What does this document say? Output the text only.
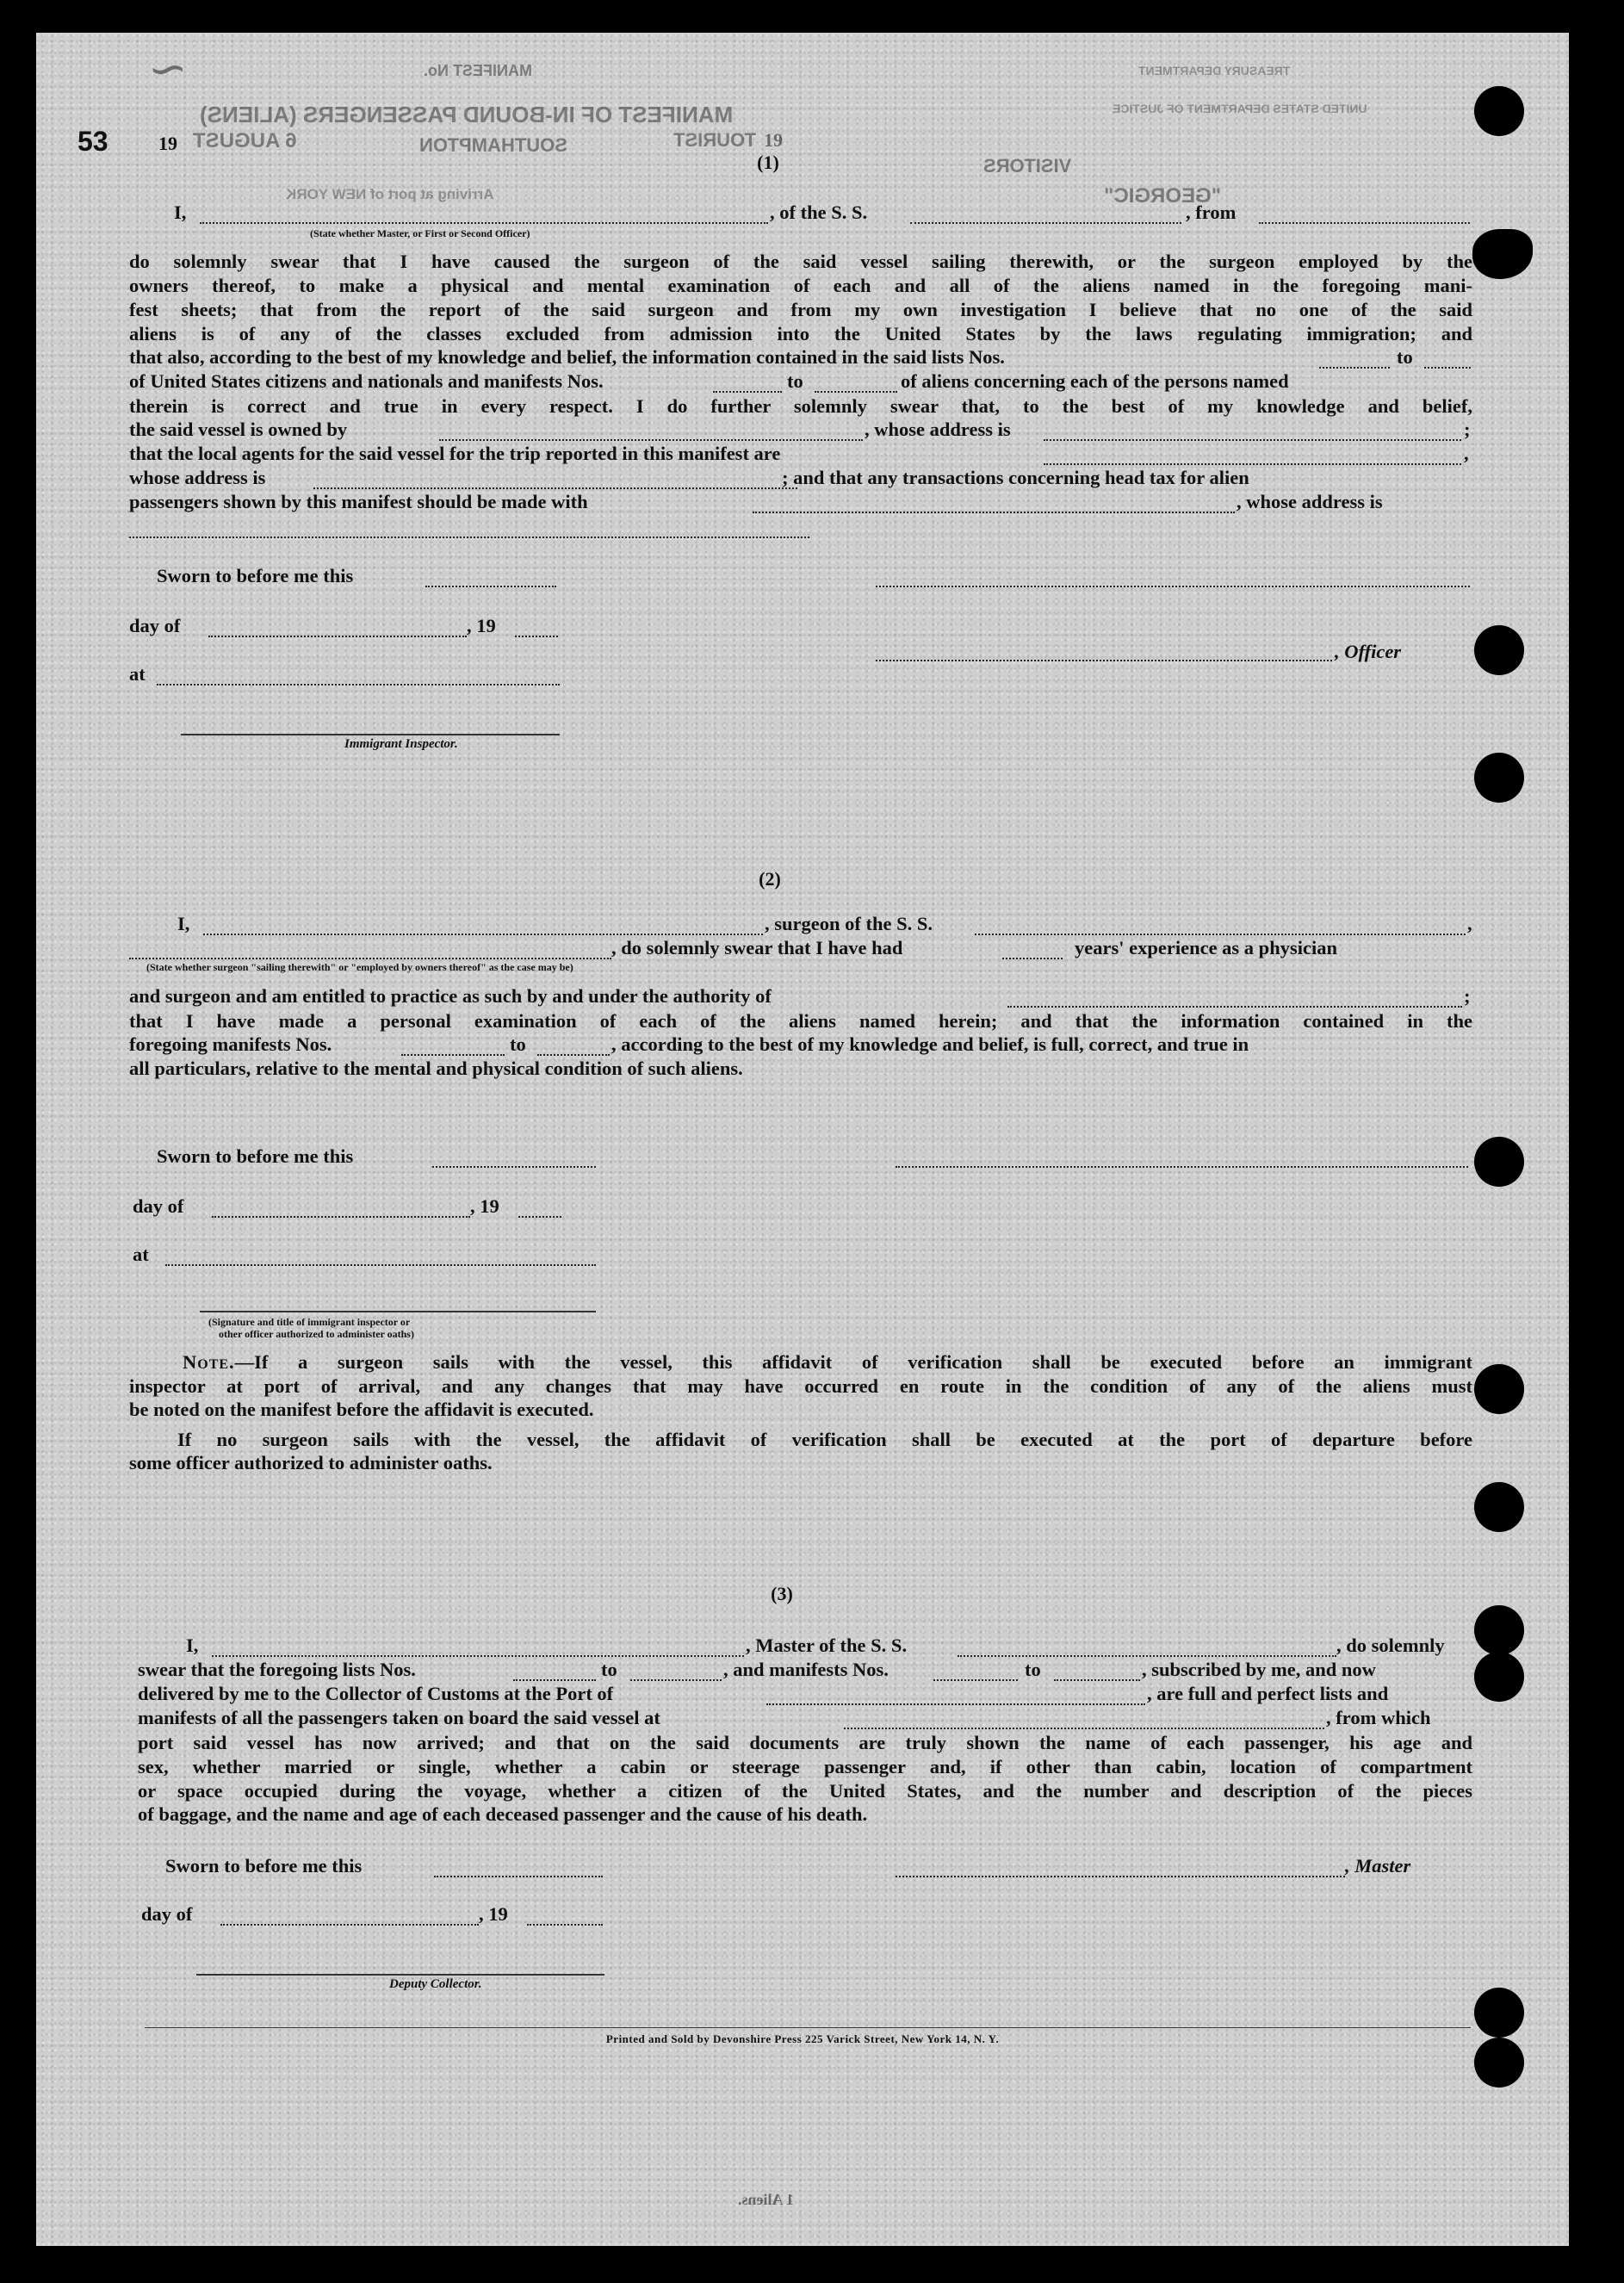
∽
53	19	19
MANIFEST No.
MANIFEST OF IN-BOUND PASSENGERS (ALIENS)
6 AUGUST	SOUTHAMPTON	TOURIST
TREASURY DEPARTMENT
UNITED STATES DEPARTMENT OF JUSTICE
VISITORS
"GEORGIC"
Arriving at port of NEW YORK
(1)
I,	, of the S. S.	, from
(State whether Master, or First or Second Officer)
do solemnly swear that I have caused the surgeon of the said vessel sailing therewith, or the surgeon employed by the
owners thereof, to make a physical and mental examination of each and all of the aliens named in the foregoing mani-
fest sheets; that from the report of the said surgeon and from my own investigation I believe that no one of the said
aliens is of any of the classes excluded from admission into the United States by the laws regulating immigration; and
that also, according to the best of my knowledge and belief, the information contained in the said lists Nos.	to
of United States citizens and nationals and manifests Nos.	to	of aliens concerning each of the persons named
therein is correct and true in every respect. I do further solemnly swear that, to the best of my knowledge and belief,
the said vessel is owned by	, whose address is	;
that the local agents for the said vessel for the trip reported in this manifest are	,
whose address is	; and that any transactions concerning head tax for alien
passengers shown by this manifest should be made with	, whose address is
Sworn to before me this
day of	, 19
, Officer
at
Immigrant Inspector.
(2)
I,	, surgeon of the S. S.	,
, do solemnly swear that I have had	years' experience as a physician
(State whether surgeon "sailing therewith" or "employed by owners thereof" as the case may be)
and surgeon and am entitled to practice as such by and under the authority of	;
that I have made a personal examination of each of the aliens named herein; and that the information contained in the
foregoing manifests Nos.	to	, according to the best of my knowledge and belief, is full, correct, and true in
all particulars, relative to the mental and physical condition of such aliens.
Sworn to before me this
day of	, 19
at
(Signature and title of immigrant inspector or
other officer authorized to administer oaths)
Note.—If a surgeon sails with the vessel, this affidavit of verification shall be executed before an immigrant
inspector at port of arrival, and any changes that may have occurred en route in the condition of any of the aliens must
be noted on the manifest before the affidavit is executed.
If no surgeon sails with the vessel, the affidavit of verification shall be executed at the port of departure before
some officer authorized to administer oaths.
(3)
I,	, Master of the S. S.	, do solemnly
swear that the foregoing lists Nos.	to	, and manifests Nos.	to	, subscribed by me, and now
delivered by me to the Collector of Customs at the Port of	, are full and perfect lists and
manifests of all the passengers taken on board the said vessel at	, from which
port said vessel has now arrived; and that on the said documents are truly shown the name of each passenger, his age and
sex, whether married or single, whether a cabin or steerage passenger and, if other than cabin, location of compartment
or space occupied during the voyage, whether a citizen of the United States, and the number and description of the pieces
of baggage, and the name and age of each deceased passenger and the cause of his death.
Sworn to before me this	, Master
day of	, 19
Deputy Collector.
Printed and Sold by Devonshire Press 225 Varick Street, New York 14, N. Y.
1 Aliens.
